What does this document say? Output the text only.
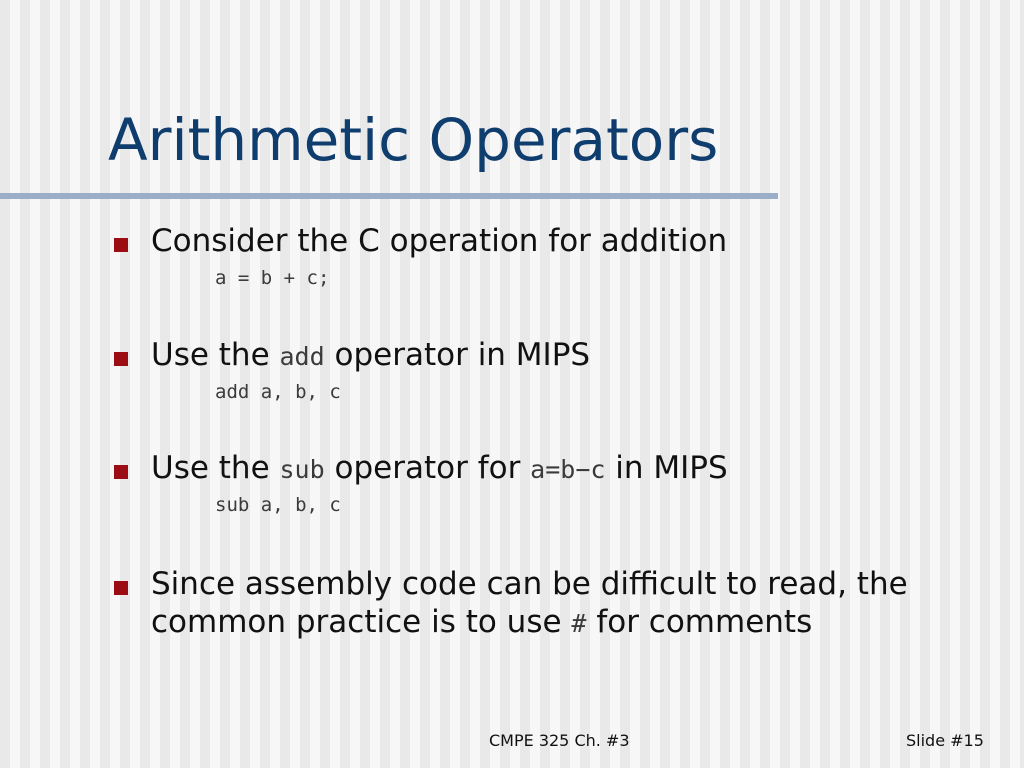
Arithmetic Operators
Consider the C operation for addition
a = b + c;
Use the add operator in MIPS
add a, b, c
Use the sub operator for a=b−c in MIPS
sub a, b, c
Since assembly code can be difficult to read, the common practice is to use # for comments
CMPE 325 Ch. #3	Slide #15
